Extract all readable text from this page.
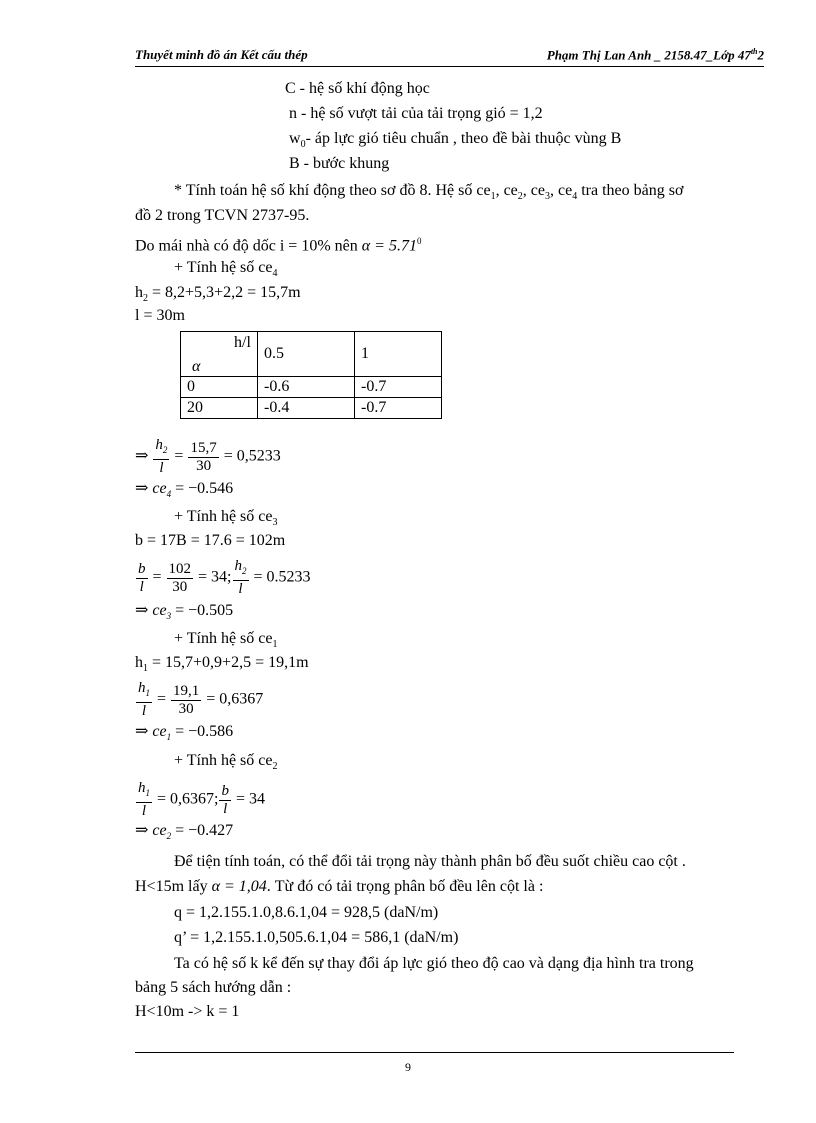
Thuyết minh đồ án Kết cấu thép	Phạm Thị Lan Anh _ 2158.47_Lớp 47th2
C - hệ số khí động học
n - hệ số vượt tải của tải trọng gió = 1,2
$w_0-$ áp lực gió tiêu chuẩn , theo đề bài thuộc vùng B
B - bước khung
* Tính toán hệ số khí động theo sơ đồ 8. Hệ số $ce_1$, $ce_2$, $ce_3$, $ce_4$ tra theo bảng sơ
đồ 2 trong TCVN 2737-95.
Do mái nhà có độ dốc i = 10% nên $\alpha = 5.71^0$
+ Tính hệ số $ce_4$
$h_2 = 8,2+5,3+2,2 = 15,7m$
l = 30m
h/l
α	0.5	1
0	-0.6	-0.7
20	-0.4	-0.7
⇒ $\frac{h_2}{l} = \frac{15,7}{30} = 0,5233$
⇒ $ce_4 = -0.546$
+ Tính hệ số $ce_3$
b = 17B = 17.6 = 102m
$\frac{b}{l} = \frac{102}{30} = 34$; $\frac{h_2}{l} = 0.5233$
⇒ $ce_3 = -0.505$
+ Tính hệ số $ce_1$
$h_1 = 15,7+0,9+2,5 = 19,1m$
$\frac{h_1}{l} = \frac{19,1}{30} = 0,6367$
⇒ $ce_1 = -0.586$
+ Tính hệ số $ce_2$
$\frac{h_1}{l} = 0,6367$; $\frac{b}{l} = 34$
⇒ $ce_2 = -0.427$
Để tiện tính toán, có thể đổi tải trọng này thành phân bố đều suốt chiều cao cột .
H<15m lấy α = 1,04. Từ đó có tải trọng phân bố đều lên cột là :
q = 1,2.155.1.0,8.6.1,04 = 928,5 (daN/m)
q’ = 1,2.155.1.0,505.6.1,04 = 586,1 (daN/m)
Ta có hệ số k kể đến sự thay đổi áp lực gió theo độ cao và dạng địa hình tra trong
bảng 5 sách hướng dẫn :
H<10m -> k = 1
9
